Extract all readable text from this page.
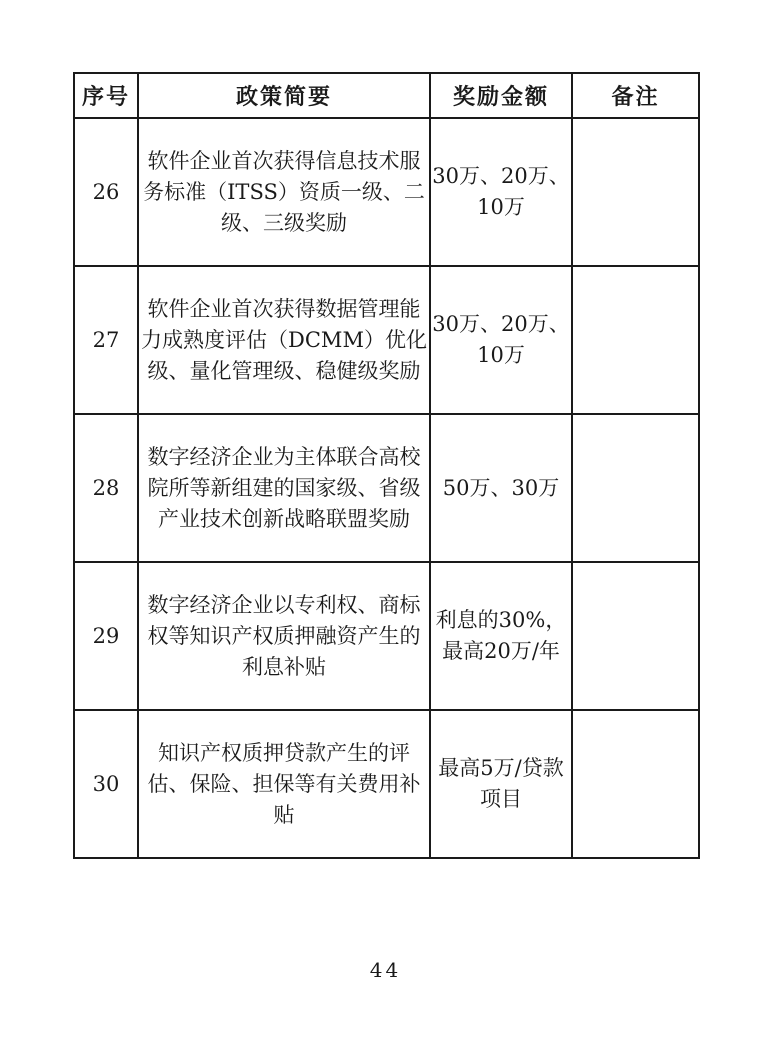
序号	政策简要	奖励金额	备注
26	软件企业首次获得信息技术服务标准（ITSS）资质一级、二级、三级奖励	30万、20万、10万	
27	软件企业首次获得数据管理能力成熟度评估（DCMM）优化级、量化管理级、稳健级奖励	30万、20万、10万	
28	数字经济企业为主体联合高校院所等新组建的国家级、省级产业技术创新战略联盟奖励	50万、30万	
29	数字经济企业以专利权、商标权等知识产权质押融资产生的利息补贴	利息的30%，最高20万/年	
30	知识产权质押贷款产生的评估、保险、担保等有关费用补贴	最高5万/贷款项目	
44
